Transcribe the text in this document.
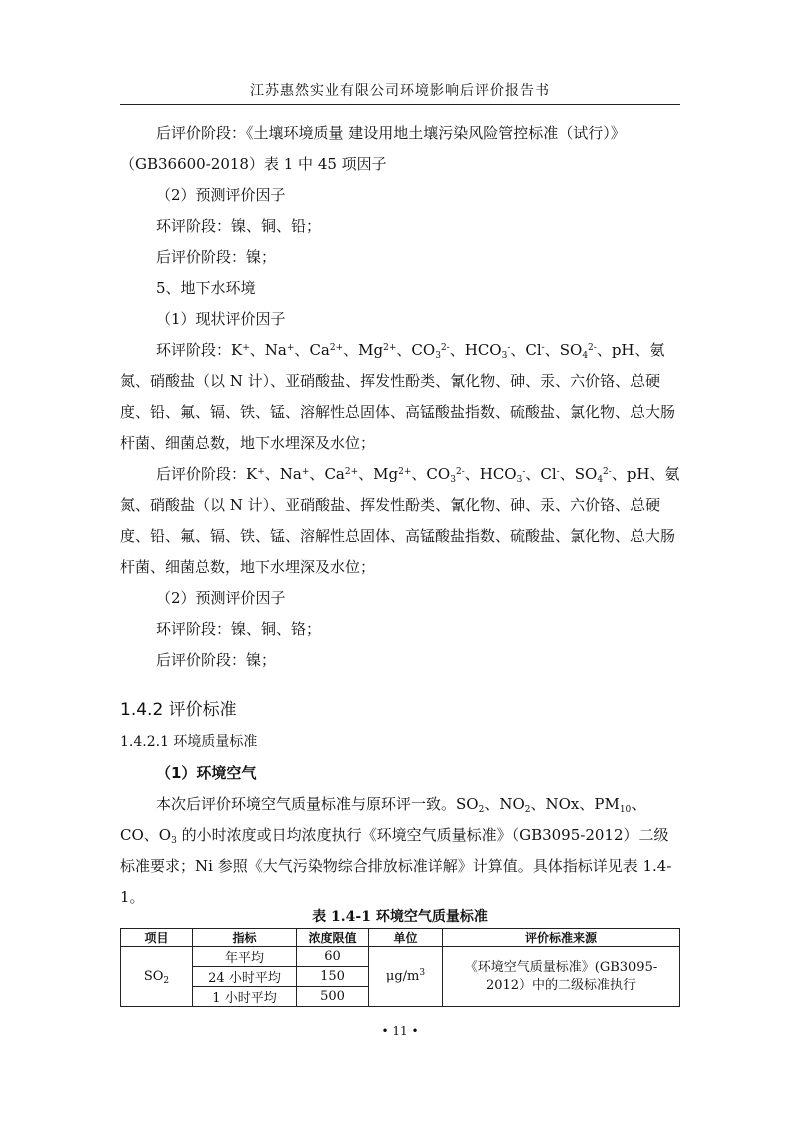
江苏惠然实业有限公司环境影响后评价报告书

后评价阶段：《土壤环境质量 建设用地土壤污染风险管控标准（试行）》（GB36600-2018）表 1 中 45 项因子

（2）预测评价因子

环评阶段：镍、铜、铅；

后评价阶段：镍；

5、地下水环境

（1）现状评价因子

环评阶段：K+、Na+、$Ca^{2+}$、$Mg^{2+}$、$CO_3^{2-}$、$HCO_3^-$、Cl-、$SO_4^{2-}$、pH、氨氮、硝酸盐（以 N 计）、亚硝酸盐、挥发性酚类、氰化物、砷、汞、六价铬、总硬度、铅、氟、镉、铁、锰、溶解性总固体、高锰酸盐指数、硫酸盐、氯化物、总大肠杆菌、细菌总数，地下水埋深及水位；

后评价阶段：K+、Na+、$Ca^{2+}$、$Mg^{2+}$、$CO_3^{2-}$、$HCO_3^-$、Cl-、$SO_4^{2-}$、pH、氨氮、硝酸盐（以 N 计）、亚硝酸盐、挥发性酚类、氰化物、砷、汞、六价铬、总硬度、铅、氟、镉、铁、锰、溶解性总固体、高锰酸盐指数、硫酸盐、氯化物、总大肠杆菌、细菌总数，地下水埋深及水位；

（2）预测评价因子

环评阶段：镍、铜、铬；

后评价阶段：镍；

1.4.2 评价标准

1.4.2.1 环境质量标准

（1）环境空气

本次后评价环境空气质量标准与原环评一致。$SO_2$、$NO_2$、NOx、$PM_{10}$、CO、$O_3$ 的小时浓度或日均浓度执行《环境空气质量标准》（GB3095-2012）二级标准要求；Ni 参照《大气污染物综合排放标准详解》计算值。具体指标详见表 1.4-1。

表 1.4-1 环境空气质量标准
项目	指标	浓度限值	单位	评价标准来源
$SO_2$	年平均	60	$\mu g/m^3$	《环境空气质量标准》(GB3095-2012）中的二级标准执行
	24 小时平均	150		
	1 小时平均	500		
• 11 •
